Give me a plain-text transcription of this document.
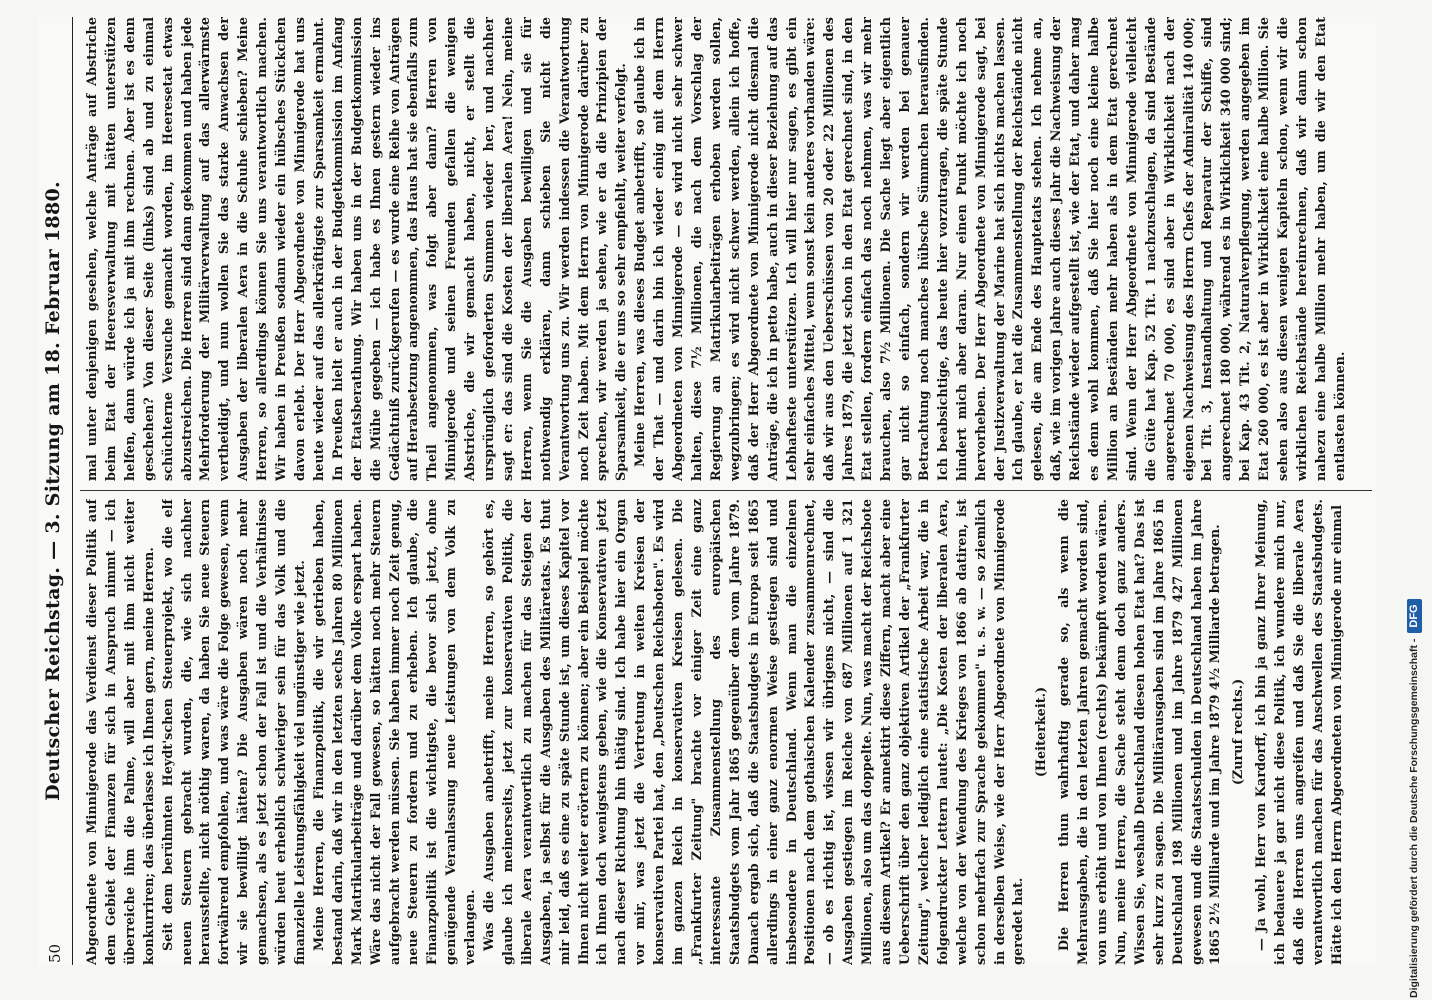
50
Deutscher Reichstag. — 3. Sitzung am 18. Februar 1880. Abgeordnete von Minnigerode das Verdienst dieser Politik auf dem Gebiet der Finanzen für sich in Anspruch nimmt — ich überreiche ihm die Palme, will aber mit ihm nicht weiter konkurriren; das überlasse ich Ihnen gern, meine Herren. Seit dem berühmten Heydt'schen Steuerprojekt, wo die elf neuen Steuern gebracht wurden, die, wie sich nachher herausstellte, nicht nöthig waren, da haben Sie neue Steuern fortwährend empfohlen, und was wäre die Folge gewesen, wenn wir sie bewilligt hätten? Die Ausgaben wären noch mehr gemachsen, als es jetzt schon der Fall ist und die Verhältnisse würden heut erheblich schwieriger sein für das Volk und die finanzielle Leistungsfähigkeit viel ungünstiger wie jetzt. Meine Herren, die Finanzpolitik, die wir getrieben haben, bestand darin, daß wir in den letzten sechs Jahren 80 Millionen Mark Matrikularbeiträge und darüber dem Volke erspart haben. Wäre das nicht der Fall gewesen, so hätten noch mehr Steuern aufgebracht werden müssen. Sie haben immer noch Zeit genug, neue Steuern zu fordern und zu erheben. Ich glaube, die Finanzpolitik ist die wichtigste, die bevor sich jetzt, ohne genügende Veranlassung neue Leistungen von dem Volk zu verlangen. Was die Ausgaben anbetrifft, meine Herren, so gehört es, glaube ich meinerseits, jetzt zur konservativen Politik, die liberale Aera verantwortlich zu machen für das Steigen der Ausgaben, ja selbst für die Ausgaben des Militäretats. Es thut mir leid, daß es eine zu späte Stunde ist, um dieses Kapitel vor Ihnen nicht weiter erörtern zu können; aber ein Beispiel möchte ich Ihnen doch wenigstens geben, wie die Konservativen jetzt nach dieser Richtung hin thätig sind. Ich habe hier ein Organ vor mir, was jetzt die Vertretung in weiten Kreisen der konservativen Partei hat, den „Deutschen Reichsboten". Es wird im ganzen Reich in konservativen Kreisen gelesen. Die „Frankfurter Zeitung" brachte vor einiger Zeit eine ganz interessante Zusammenstellung des europäischen Staatsbudgets vom Jahr 1865 gegenüber dem vom Jahre 1879. Danach ergab sich, daß die Staatsbudgets in Europa seit 1865 allerdings in einer ganz enormen Weise gestiegen sind und insbesondere in Deutschland. Wenn man die einzelnen Positionen nach dem gothaischen Kalender zusammenrechnet, — ob es richtig ist, wissen wir übrigens nicht, — sind die Ausgaben gestiegen im Reiche von 687 Millionen auf 1 321 Millionen, also um das doppelte. Nun, was macht der Reichsbote aus diesem Artikel? Er annektirt diese Ziffern, macht aber eine Ueberschrift über den ganz objektiven Artikel der „Frankfurter Zeitung", welcher lediglich eine statistische Arbeit war, die in folgendruckter Lettern lautet: „Die Kosten der liberalen Aera, welche von der Wendung des Krieges von 1866 ab datiren, ist schon mehrfach zur Sprache gekommen" u. s. w. — so ziemlich in derselben Weise, wie der Herr Abgeordnete von Minnigerode geredet hat.

(Heiterkeit.) Die Herren thun wahrhaftig gerade so, als wenn die Mehrausgaben, die in den letzten Jahren gemacht worden sind, von uns erhöht und von Ihnen (rechts) bekämpft worden wären. Nun, meine Herren, die Sache steht denn doch ganz anders. Wissen Sie, weshalb Deutschland diesen hohen Etat hat? Das ist sehr kurz zu sagen. Die Militärausgaben sind im Jahre 1865 in Deutschland 198 Millionen und im Jahre 1879 427 Millionen gewesen und die Staatsschulden in Deutschland haben im Jahre 1865 2½ Milliarde und im Jahre 1879 4½ Milliarde betragen. (Zuruf rechts.) — Ja wohl, Herr von Kardorff, ich bin ja ganz Ihrer Meinung, ich bedauere ja gar nicht diese Politik, ich wundere mich nur, daß die Herren uns angreifen und daß Sie die liberale Aera verantwortlich machen für das Anschwellen des Staatsbudgets. Hätte ich den Herrn Abgeordneten von Minnigerode nur einmal

mal unter denjenigen gesehen, welche Anträge auf Abstriche beim Etat der Heeresverwaltung mit hätten unterstützen helfen, dann würde ich ja mit ihm rechnen. Aber ist es denn geschehen? Von dieser Seite (links) sind ab und zu einmal schüchterne Versuche gemacht worden, im Heeresetat etwas abzustreichen. Die Herren sind dann gekommen und haben jede Mehrforderung der Militärverwaltung auf das allerwärmste vertheidigt, und nun wollen Sie das starke Anwachsen der Ausgaben der liberalen Aera in die Schuhe schieben? Meine Herren, so allerdings können Sie uns verantwortlich machen. Wir haben in Preußen sodann wieder ein hübsches Stückchen davon erlebt. Der Herr Abgeordnete von Minnigerode hat uns heute wieder auf das allerkräftigste zur Sparsamkeit ermahnt. In Preußen hielt er auch in der Budgetkommission im Anfang der Etatsberathung. Wir haben uns in der Budgetkommission die Mühe gegeben — ich habe es Ihnen gestern wieder ins Gedächtniß zurückgerufen — es wurde eine Reihe von Anträgen auf Herabsetzung angenommen, das Haus hat sie ebenfalls zum Theil angenommen, was folgt aber dann? Herren von Minnigerode und seinen Freunden gefallen die wenigen Abstriche, die wir gemacht haben, nicht, er stellt die ursprünglich geforderten Summen wieder her, und nachher sagt er: das sind die Kosten der liberalen Aera! Nein, meine Herren, wenn Sie die Ausgaben bewilligen und sie für nothwendig erklären, dann schieben Sie nicht die Verantwortung uns zu. Wir werden indessen die Verantwortung noch Zeit haben. Mit dem Herrn von Minnigerode darüber zu sprechen, wir werden ja sehen, wie er da die Prinzipien der Sparsamkeit, die er uns so sehr empfiehlt, weiter verfolgt. Meine Herren, was dieses Budget anbetrifft, so glaube ich in der That — und darin bin ich wieder einig mit dem Herrn Abgeordneten von Minnigerode — es wird nicht sehr schwer halten, diese 7½ Millionen, die nach dem Vorschlag der Regierung an Matrikularbeiträgen erhoben werden sollen, wegzubringen; es wird nicht schwer werden, allein ich hoffe, daß der Herr Abgeordnete von Minnigerode nicht diesmal die Anträge, die ich in petto habe, auch in dieser Beziehung auf das Lebhafteste unterstützen. Ich will hier nur sagen, es gibt ein sehr einfaches Mittel, wenn sonst kein anderes vorhanden wäre: daß wir aus den Ueberschüssen von 20 oder 22 Millionen des Jahres 1879, die jetzt schon in den Etat gerechnet sind, in den Etat stellen, fordern einfach das noch nehmen, was wir mehr brauchen, also 7½ Millionen. Die Sache liegt aber eigentlich gar nicht so einfach, sondern wir werden bei genauer Betrachtung noch manches hübsche Sümmchen herausfinden. Ich beabsichtige, das heute hier vorzutragen, die späte Stunde hindert mich aber daran. Nur einen Punkt möchte ich noch hervorheben. Der Herr Abgeordnete von Minnigerode sagt, bei der Justizverwaltung der Marine hat sich nichts machen lassen. Ich glaube, er hat die Zusammenstellung der Reichstände nicht gelesen, die am Ende des Hauptetats stehen. Ich nehme an, daß, wie im vorigen Jahre auch dieses Jahr die Nachweisung der Reichstände wieder aufgestellt ist, wie der Etat, und daher mag es denn wohl kommen, daß Sie hier noch eine kleine halbe Million an Beständen mehr haben als in dem Etat gerechnet sind. Wenn der Herr Abgeordnete von Minnigerode vielleicht die Güte hat Kap. 52 Tit. 1 nachzuschlagen, da sind Bestände angerechnet 70 000, es sind aber in Wirklichkeit nach der eigenen Nachweisung des Herrn Chefs der Admiralität 140 000; bei Tit. 3, Instandhaltung und Reparatur der Schiffe, sind angerechnet 180 000, während es in Wirklichkeit 340 000 sind; bei Kap. 43 Tit. 2, Naturalverpflegung, werden angegeben im Etat 260 000, es ist aber in Wirklichkeit eine halbe Million. Sie sehen also aus diesen wenigen Kapiteln schon, wenn wir die wirklichen Reichstände hereinrechnen, daß wir dann schon nahezu eine halbe Million mehr haben, um die wir den Etat entlasten können.

Digitalisierung gefördert durch die Deutsche Forschungsgemeinschaft -DFG
